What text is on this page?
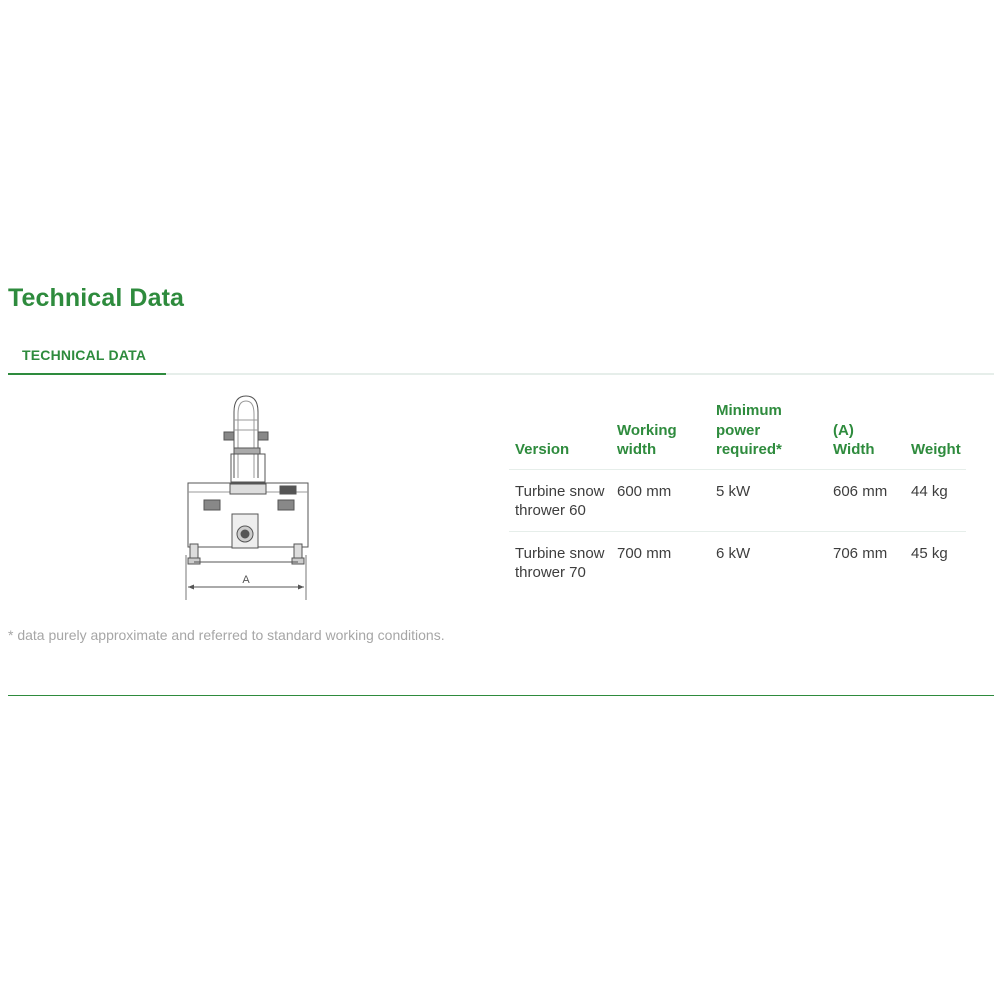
Technical Data
TECHNICAL DATA
A

* data purely approximate and referred to standard working conditions.

Version	Working width	Minimum power required*	(A) Width	Weight
Turbine snow thrower 60	600 mm	5 kW	606 mm	44 kg
Turbine snow thrower 70	700 mm	6 kW	706 mm	45 kg
